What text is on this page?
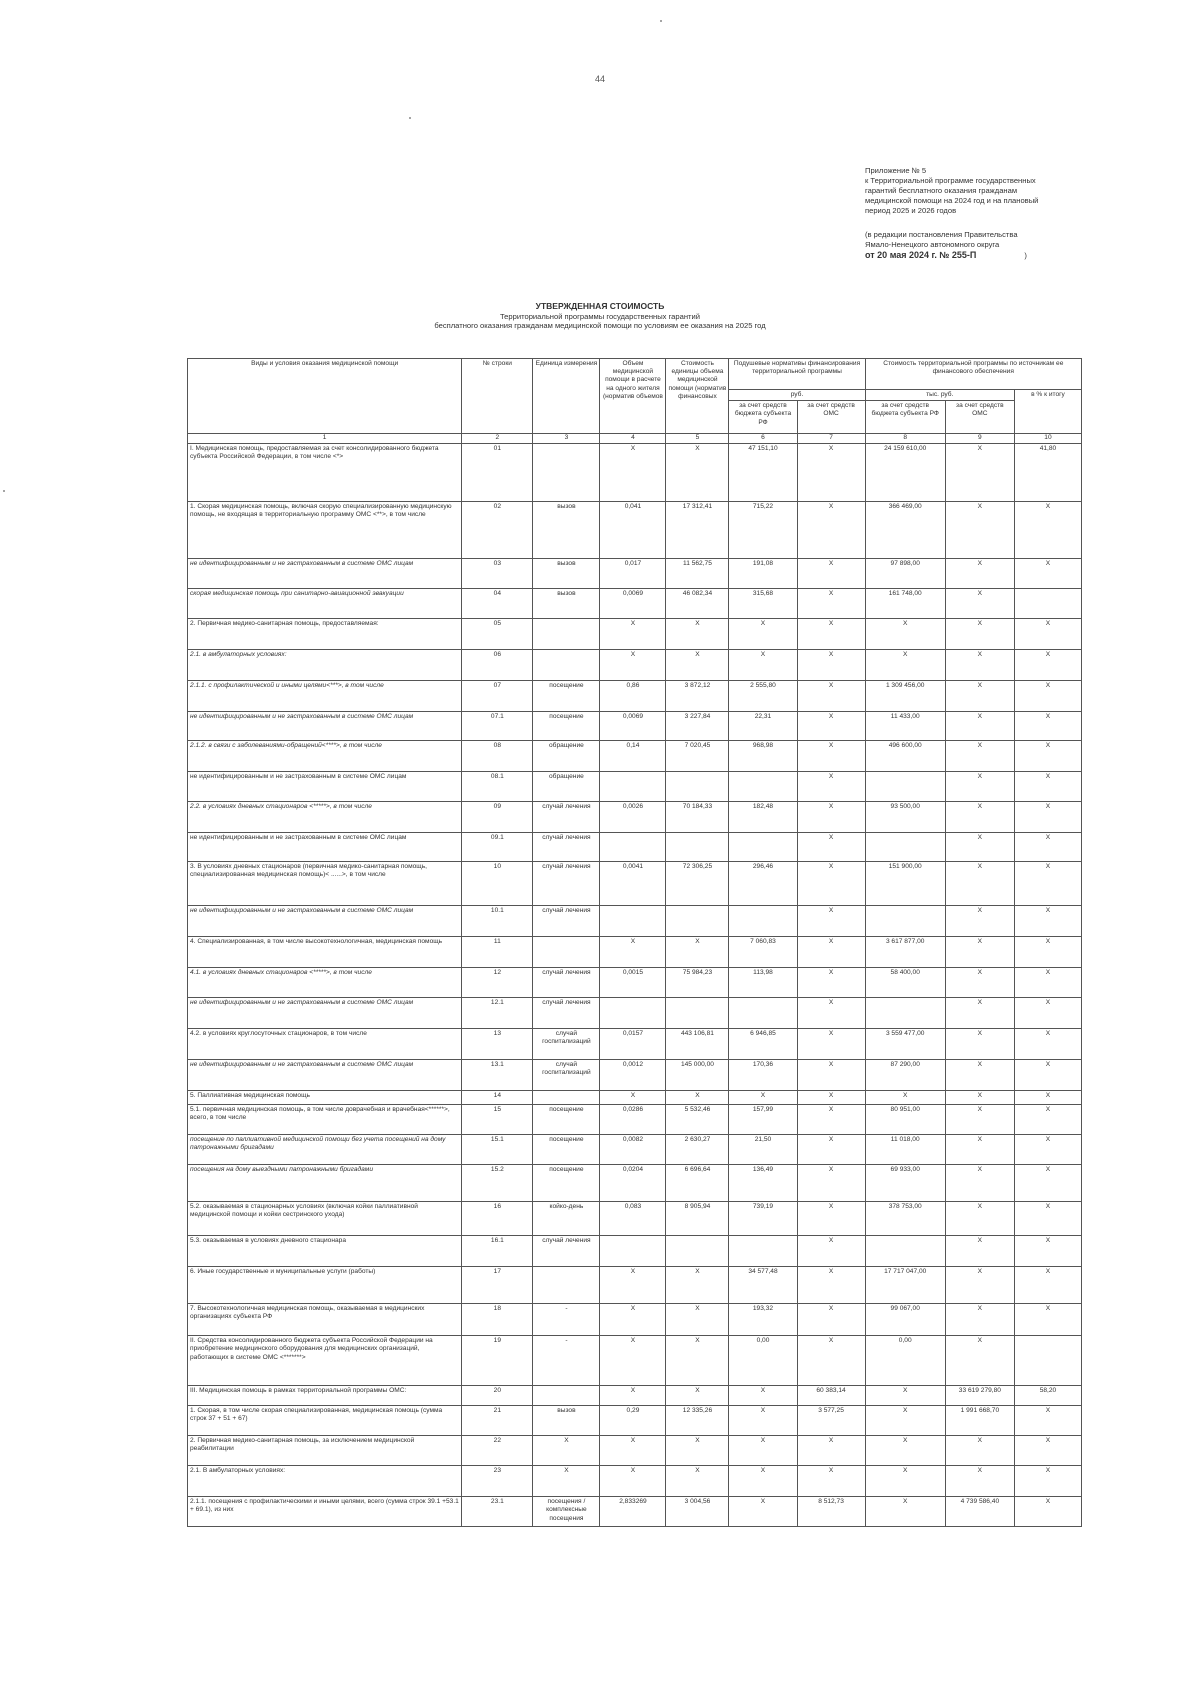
44

Приложение № 5

к Территориальной программе государственных

гарантий бесплатного оказания гражданам

медицинской помощи на 2024 год и на плановый

период 2025 и 2026 годов

(в редакции постановления Правительства

Ямало-Ненецкого автономного округа

от 20 мая 2024 г. № 255-П	)

УТВЕРЖДЕННАЯ СТОИМОСТЬ
Территориальной программы государственных гарантий
бесплатного оказания гражданам медицинской помощи по условиям ее оказания на 2025 год
Виды и условия оказания медицинской помощи	№ строки	Единица измерения	Объем медицинской помощи в расчете на одного жителя (норматив объемов	Стоимость единицы объема медицинской помощи (норматив финансовых	Подушевые нормативы финансирования территориальной программы		Стоимость территориальной программы по источникам ее финансового обеспечения		
					руб.		тыс. руб.		в % к итогу
					за счет средств бюджета субъекта РФ	за счет средств ОМС	за счет средств бюджета субъекта РФ	за счет средств ОМС	
1	2	3	4	5	6	7	8	9	10
I. Медицинская помощь, предоставляемая за счет консолидированного бюджета субъекта Российской Федерации, в том числе <*>	01		X	X	47 151,10	X	24 159 610,00	X	41,80
1. Скорая медицинская помощь, включая скорую специализированную медицинскую помощь, не входящая в территориальную программу ОМС <**>, в том числе	02	вызов	0,041	17 312,41	715,22	X	366 469,00	X	X
не идентифицированным и не застрахованным в системе ОМС лицам	03	вызов	0,017	11 562,75	191,08	X	97 898,00	X	X
скорая медицинская помощь при санитарно-авиационной эвакуации	04	вызов	0,0069	46 082,34	315,68	X	161 748,00	X	
2. Первичная медико-санитарная помощь, предоставляемая:	05		X	X	X	X	X	X	X
2.1. в амбулаторных условиях:	06		X	X	X	X	X	X	X
2.1.1. с профилактической и иными целями<***>, в том числе	07	посещение	0,86	3 872,12	2 555,80	X	1 309 456,00	X	X
не идентифицированным и не застрахованным в системе ОМС лицам	07.1	посещение	0,0069	3 227,84	22,31	X	11 433,00	X	X
2.1.2. в связи с заболеваниями-обращений<****>, в том числе	08	обращение	0,14	7 020,45	968,98	X	496 600,00	X	X
не идентифицированным и не застрахованным в системе ОМС лицам	08.1	обращение				X		X	X
2.2. в условиях дневных стационаров <*****>, в том числе	09	случай лечения	0,0026	70 184,33	182,48	X	93 500,00	X	X
не идентифицированным и не застрахованным в системе ОМС лицам	09.1	случай лечения				X		X	X
3. В условиях дневных стационаров (первичная медико-санитарная помощь, специализированная медицинская помощь)< ......>, в том числе	10	случай лечения	0,0041	72 306,25	296,46	X	151 900,00	X	X
не идентифицированным и не застрахованным в системе ОМС лицам	10.1	случай лечения				X		X	X
4. Специализированная, в том числе высокотехнологичная, медицинская помощь	11		X	X	7 060,83	X	3 617 877,00	X	X
4.1. в условиях дневных стационаров <*****>, в том числе	12	случай лечения	0,0015	75 984,23	113,98	X	58 400,00	X	X
не идентифицированным и не застрахованным в системе ОМС лицам	12.1	случай лечения				X		X	X
4.2. в условиях круглосуточных стационаров, в том числе	13	случай госпитализаций	0,0157	443 106,81	6 946,85	X	3 559 477,00	X	X
не идентифицированным и не застрахованным в системе ОМС лицам	13.1	случай госпитализаций	0,0012	145 000,00	170,36	X	87 290,00	X	X
5. Паллиативная медицинская помощь	14		X	X	X	X	X	X	X
5.1. первичная медицинская помощь, в том числе доврачебная и врачебная<******>, всего, в том числе	15	посещение	0,0286	5 532,46	157,99	X	80 951,00	X	X
посещение по паллиативной медицинской помощи без учета посещений на дому патронажными бригадами	15.1	посещение	0,0082	2 630,27	21,50	X	11 018,00	X	X
посещения на дому выездными патронажными бригадами	15.2	посещение	0,0204	6 696,64	136,49	X	69 933,00	X	X
5.2. оказываемая в стационарных условиях (включая койки паллиативной медицинской помощи и койки сестринского ухода)	16	койко-день	0,083	8 905,94	739,19	X	378 753,00	X	X
5.3. оказываемая в условиях дневного стационара	16.1	случай лечения				X		X	X
6. Иные государственные и муниципальные услуги (работы)	17		X	X	34 577,48	X	17 717 047,00	X	X
7. Высокотехнологичная медицинская помощь, оказываемая в медицинских организациях субъекта РФ	18	-	X	X	193,32	X	99 067,00	X	X
II. Средства консолидированного бюджета субъекта Российской Федерации на приобретение медицинского оборудования для медицинских организаций, работающих в системе ОМС <*******>	19	-	X	X	0,00	X	0,00	X	
III. Медицинская помощь в рамках территориальной программы ОМС:	20		X	X	X	60 383,14	X	33 619 279,80	58,20
1. Скорая, в том числе скорая специализированная, медицинская помощь (сумма строк 37 + 51 + 67)	21	вызов	0,29	12 335,26	X	3 577,25	X	1 991 668,70	X
2. Первичная медико-санитарная помощь, за исключением медицинской реабилитации	22	X	X	X	X	X	X	X	X
2.1. В амбулаторных условиях:	23	X	X	X	X	X	X	X	X
2.1.1. посещения с профилактическими и иными целями, всего (сумма строк 39.1 +53.1 + 69.1), из них	23.1	посещения / комплексные посещения	2,833269	3 004,56	X	8 512,73	X	4 739 586,40	X
